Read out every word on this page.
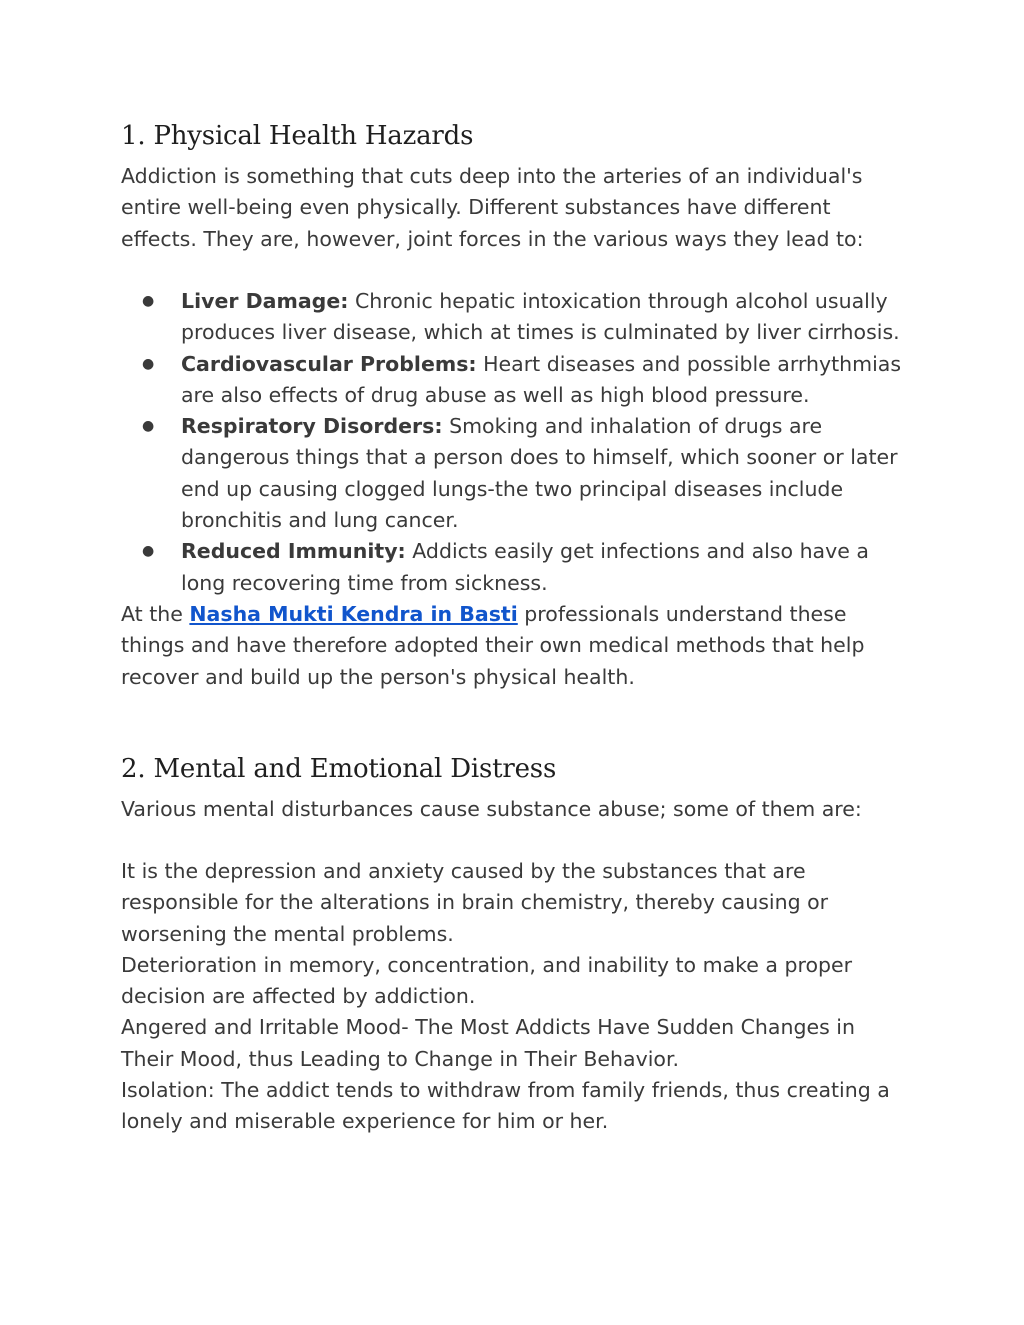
1. Physical Health Hazards

Addiction is something that cuts deep into the arteries of an individual's entire well-being even physically. Different substances have different effects. They are, however, joint forces in the various ways they lead to:

● Liver Damage: Chronic hepatic intoxication through alcohol usually produces liver disease, which at times is culminated by liver cirrhosis.
● Cardiovascular Problems: Heart diseases and possible arrhythmias are also effects of drug abuse as well as high blood pressure.
● Respiratory Disorders: Smoking and inhalation of drugs are dangerous things that a person does to himself, which sooner or later end up causing clogged lungs-the two principal diseases include bronchitis and lung cancer.
● Reduced Immunity: Addicts easily get infections and also have a long recovering time from sickness.

At the Nasha Mukti Kendra in Basti professionals understand these things and have therefore adopted their own medical methods that help recover and build up the person's physical health.

2. Mental and Emotional Distress

Various mental disturbances cause substance abuse; some of them are:

It is the depression and anxiety caused by the substances that are responsible for the alterations in brain chemistry, thereby causing or worsening the mental problems.

Deterioration in memory, concentration, and inability to make a proper decision are affected by addiction.

Angered and Irritable Mood- The Most Addicts Have Sudden Changes in Their Mood, thus Leading to Change in Their Behavior.

Isolation: The addict tends to withdraw from family friends, thus creating a lonely and miserable experience for him or her.
